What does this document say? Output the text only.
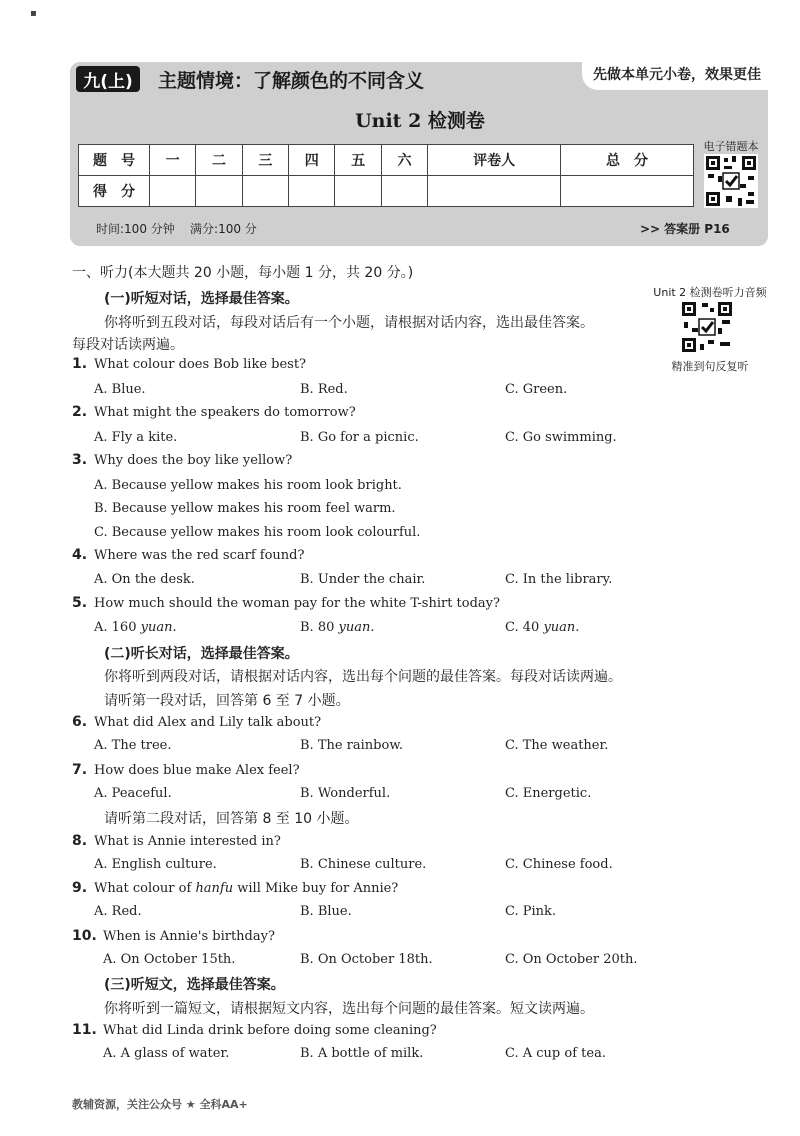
▪
九(上)	主题情境：了解颜色的不同含义	先做本单元小卷，效果更佳
Unit 2 检测卷
题　号	一	二	三	四	五	六	评卷人	总　分
得　分								
电子错题本
时间:100 分钟 满分:100 分	>> 答案册 P16
一、听力(本大题共 20 小题，每小题 1 分，共 20 分。)
Unit 2 检测卷听力音频
精准到句反复听
(一)听短对话，选择最佳答案。
你将听到五段对话，每段对话后有一个小题，请根据对话内容，选出最佳答案。
每段对话读两遍。
1. What colour does Bob like best?
A. Blue.	B. Red.	C. Green.
2. What might the speakers do tomorrow?
A. Fly a kite.	B. Go for a picnic.	C. Go swimming.
3. Why does the boy like yellow?
A. Because yellow makes his room look bright.
B. Because yellow makes his room feel warm.
C. Because yellow makes his room look colourful.
4. Where was the red scarf found?
A. On the desk.	B. Under the chair.	C. In the library.
5. How much should the woman pay for the white T-shirt today?
A. 160 yuan.	B. 80 yuan.	C. 40 yuan.
(二)听长对话，选择最佳答案。
你将听到两段对话，请根据对话内容，选出每个问题的最佳答案。每段对话读两遍。
请听第一段对话，回答第 6 至 7 小题。
6. What did Alex and Lily talk about?
A. The tree.	B. The rainbow.	C. The weather.
7. How does blue make Alex feel?
A. Peaceful.	B. Wonderful.	C. Energetic.
请听第二段对话，回答第 8 至 10 小题。
8. What is Annie interested in?
A. English culture.	B. Chinese culture.	C. Chinese food.
9. What colour of hanfu will Mike buy for Annie?
A. Red.	B. Blue.	C. Pink.
10. When is Annie's birthday?
A. On October 15th.	B. On October 18th.	C. On October 20th.
(三)听短文，选择最佳答案。
你将听到一篇短文，请根据短文内容，选出每个问题的最佳答案。短文读两遍。
11. What did Linda drink before doing some cleaning?
A. A glass of water.	B. A bottle of milk.	C. A cup of tea.
教辅资源，关注公众号 ★ 全科AA+
